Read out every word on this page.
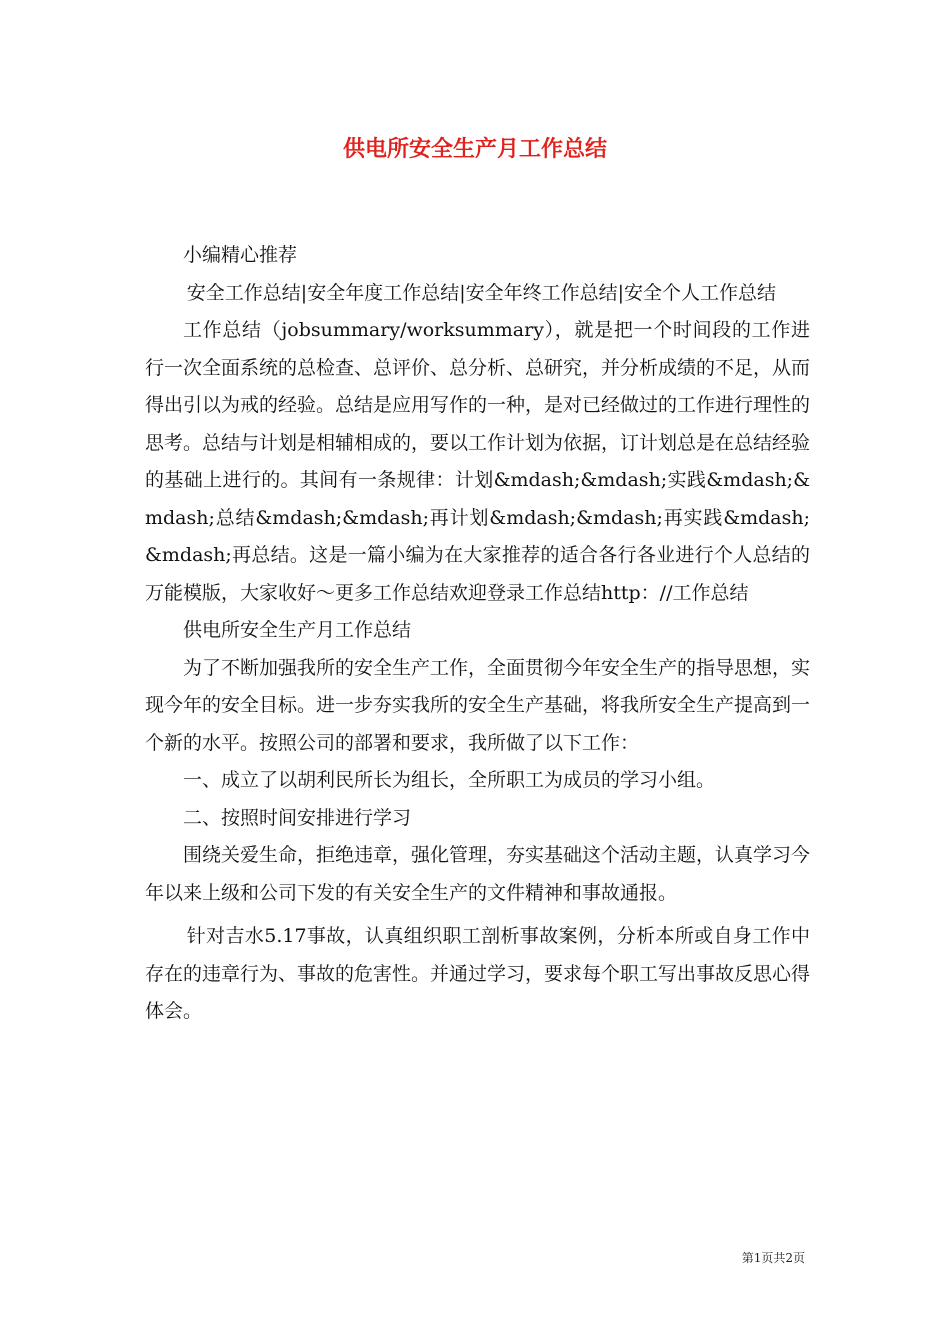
供电所安全生产月工作总结

小编精心推荐

安全工作总结|安全年度工作总结|安全年终工作总结|安全个人工作总结

工作总结（jobsummary/worksummary），就是把一个时间段的工作进行一次全面系统的总检查、总评价、总分析、总研究，并分析成绩的不足，从而得出引以为戒的经验。总结是应用写作的一种，是对已经做过的工作进行理性的思考。总结与计划是相辅相成的，要以工作计划为依据，订计划总是在总结经验的基础上进行的。其间有一条规律：计划&mdash;&mdash;实践&mdash;&mdash;总结&mdash;&mdash;再计划&mdash;&mdash;再实践&mdash;&mdash;再总结。这是一篇小编为在大家推荐的适合各行各业进行个人总结的万能模版，大家收好～更多工作总结欢迎登录工作总结http：//工作总结

供电所安全生产月工作总结

为了不断加强我所的安全生产工作，全面贯彻今年安全生产的指导思想，实现今年的安全目标。进一步夯实我所的安全生产基础，将我所安全生产提高到一个新的水平。按照公司的部署和要求，我所做了以下工作：

一、成立了以胡利民所长为组长，全所职工为成员的学习小组。

二、按照时间安排进行学习

围绕关爱生命，拒绝违章，强化管理，夯实基础这个活动主题，认真学习今年以来上级和公司下发的有关安全生产的文件精神和事故通报。

针对吉水5.17事故，认真组织职工剖析事故案例，分析本所或自身工作中存在的违章行为、事故的危害性。并通过学习，要求每个职工写出事故反思心得体会。

第1页共2页
